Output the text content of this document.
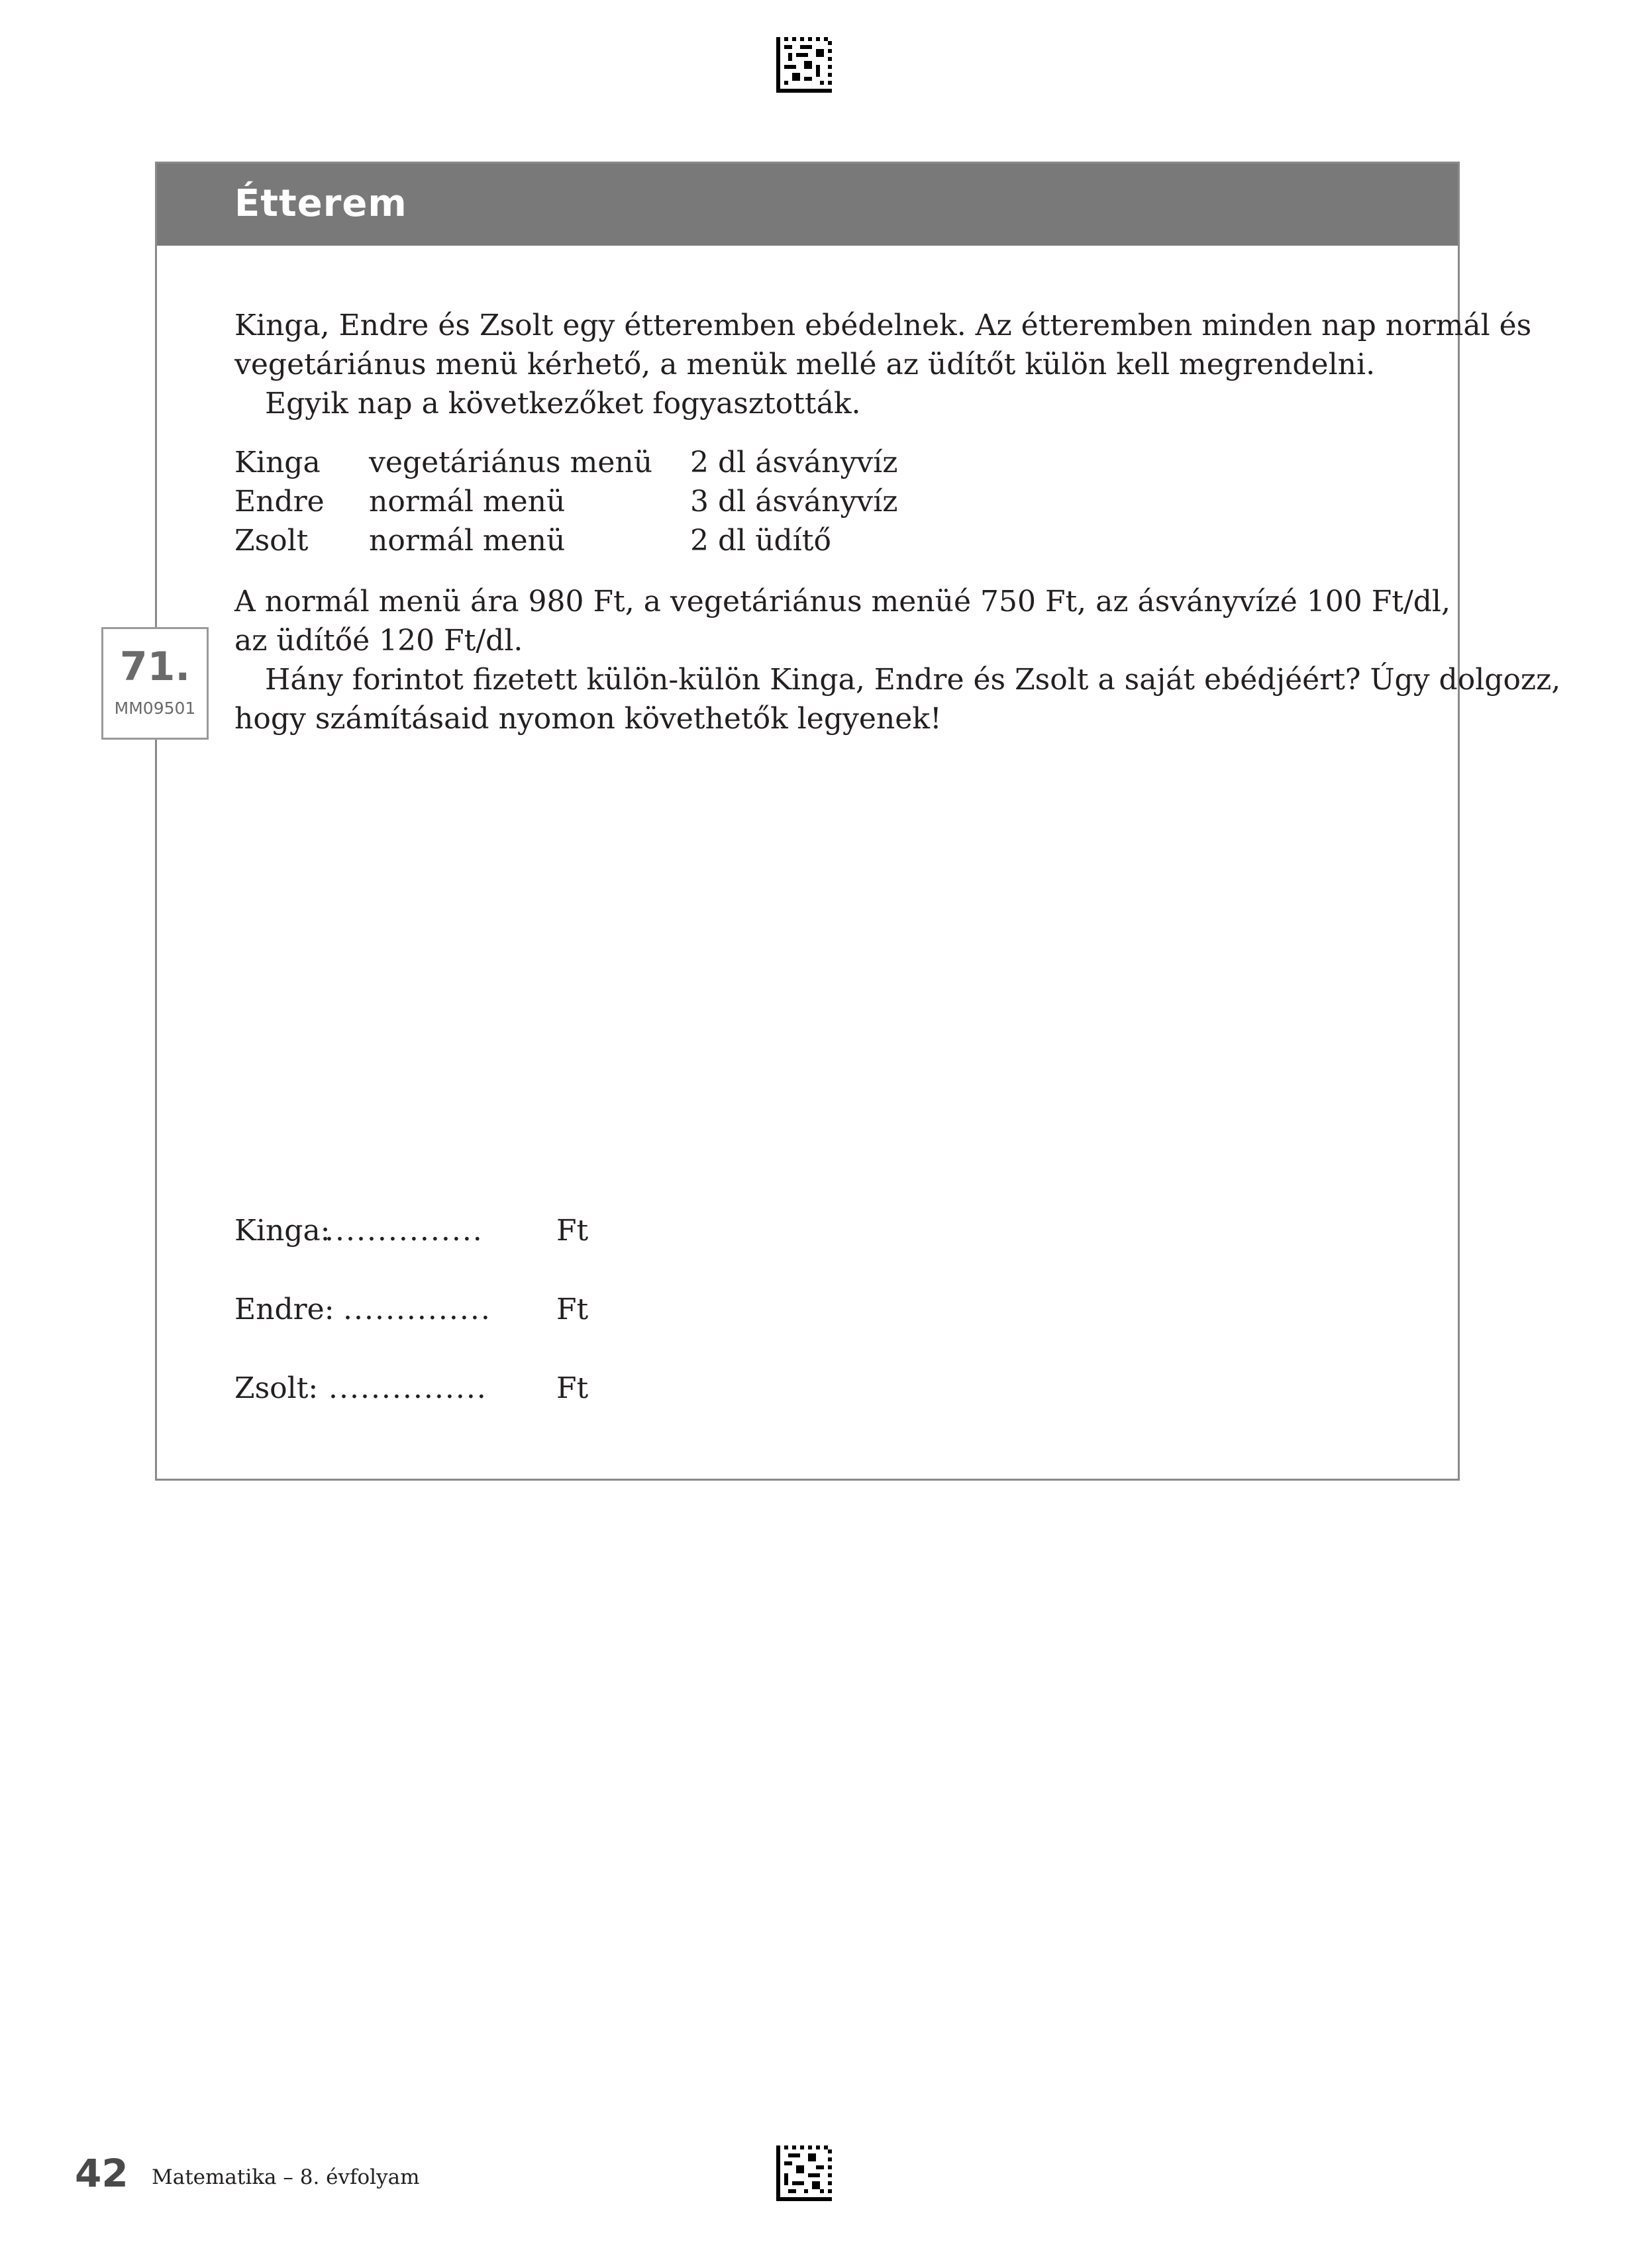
Étterem
71.
MM09501
Kinga, Endre és Zsolt egy étteremben ebédelnek. Az étteremben minden nap normál és
vegetáriánus menü kérhető, a menük mellé az üdítőt külön kell megrendelni.
Egyik nap a következőket fogyasztották.
Kinga vegetáriánus menü 2 dl ásványvíz
Endre normál menü	3 dl ásványvíz
Zsolt normál menü	2 dl üdítő
A normál menü ára 980 Ft, a vegetáriánus menüé 750 Ft, az ásványvízé 100 Ft/dl,
az üdítőé 120 Ft/dl.
Hány forintot fizetett külön-külön Kinga, Endre és Zsolt a saját ebédjéért? Úgy dolgozz,
hogy számításaid nyomon követhetők legyenek!
Kinga:
...............	Ft
Endre: .............. Ft
Zsolt: ............... Ft
42 Matematika – 8. évfolyam
